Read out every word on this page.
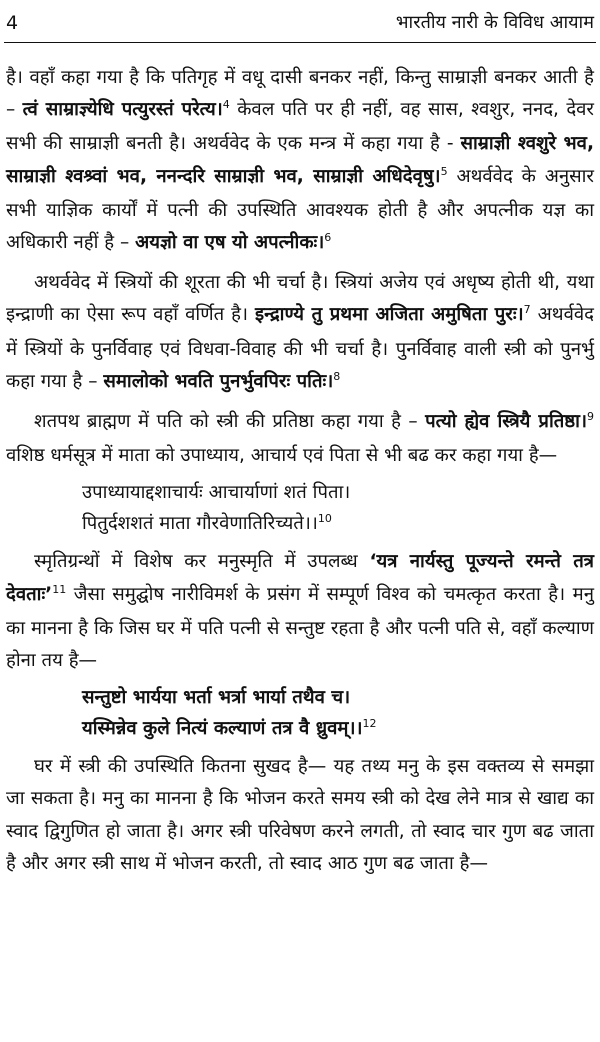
4	भारतीय नारी के विविध आयाम

है। वहाँ कहा गया है कि पतिगृह में वधू दासी बनकर नहीं, किन्तु साम्राज्ञी बनकर आती है – त्वं साम्राज्ञ्येधि पत्युरस्तं परेत्य।$^4$ केवल पति पर ही नहीं, वह सास, श्वशुर, ननद, देवर सभी की साम्राज्ञी बनती है। अथर्ववेद के एक मन्त्र में कहा गया है - साम्राज्ञी श्वशुरे भव, साम्राज्ञी श्वश्र्वां भव, ननन्दरि साम्राज्ञी भव, साम्राज्ञी अधिदेवृषु।$^5$ अथर्ववेद के अनुसार सभी याज्ञिक कार्यों में पत्नी की उपस्थिति आवश्यक होती है और अपत्नीक यज्ञ का अधिकारी नहीं है – अयज्ञो वा एष यो अपत्नीकः।$^6$

अथर्ववेद में स्त्रियों की शूरता की भी चर्चा है। स्त्रियां अजेय एवं अधृष्य होती थी, यथा इन्द्राणी का ऐसा रूप वहाँ वर्णित है। इन्द्राण्ये तु प्रथमा अजिता अमुषिता पुरः।$^7$ अथर्ववेद में स्त्रियों के पुनर्विवाह एवं विधवा-विवाह की भी चर्चा है। पुनर्विवाह वाली स्त्री को पुनर्भु कहा गया है – समालोको भवति पुनर्भुवपिरः पतिः।$^8$

शतपथ ब्राह्मण में पति को स्त्री की प्रतिष्ठा कहा गया है – पत्यो ह्येव स्त्रियै प्रतिष्ठा।$^9$ वशिष्ठ धर्मसूत्र में माता को उपाध्याय, आचार्य एवं पिता से भी बढ कर कहा गया है—

उपाध्यायाद्दशाचार्यः आचार्याणां शतं पिता।
पितुर्दशशतं माता गौरवेणातिरिच्यते।।$^{10}$

स्मृतिग्रन्थों में विशेष कर मनुस्मृति में उपलब्ध ‘यत्र नार्यस्तु पूज्यन्ते रमन्ते तत्र देवताः’$^{11}$ जैसा समुद्घोष नारीविमर्श के प्रसंग में सम्पूर्ण विश्व को चमत्कृत करता है। मनु का मानना है कि जिस घर में पति पत्नी से सन्तुष्ट रहता है और पत्नी पति से, वहाँ कल्याण होना तय है—

सन्तुष्टो भार्यया भर्ता भर्त्रा भार्या तथैव च।
यस्मिन्नेव कुले नित्यं कल्याणं तत्र वै ध्रुवम्।।$^{12}$

घर में स्त्री की उपस्थिति कितना सुखद है— यह तथ्य मनु के इस वक्तव्य से समझा जा सकता है। मनु का मानना है कि भोजन करते समय स्त्री को देख लेने मात्र से खाद्य का स्वाद द्विगुणित हो जाता है। अगर स्त्री परिवेषण करने लगती, तो स्वाद चार गुण बढ जाता है और अगर स्त्री साथ में भोजन करती, तो स्वाद आठ गुण बढ जाता है—
